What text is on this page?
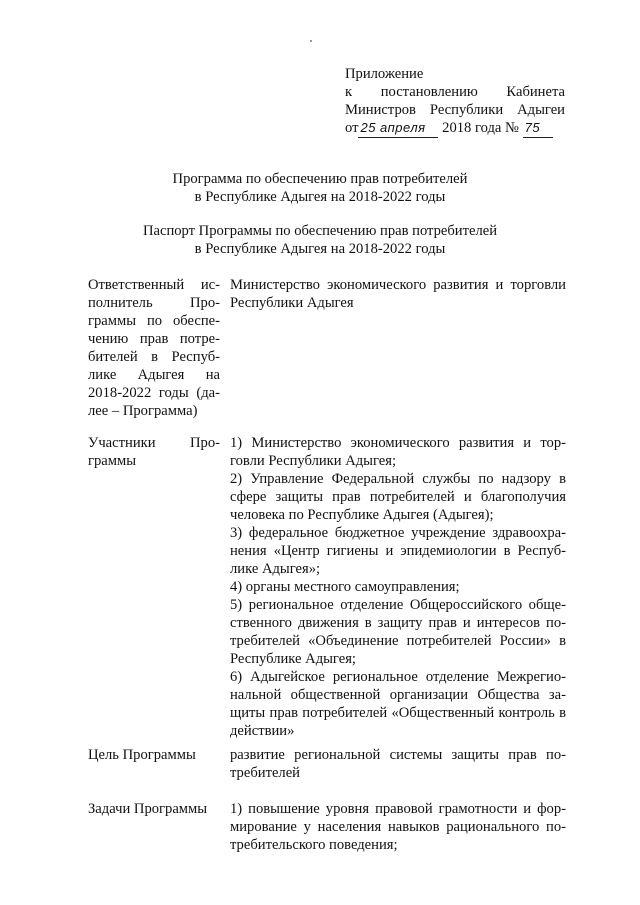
Приложение
к постановлению Кабинета
Министров Республики Адыгеи
от 25 апреля 2018 года № 75
Программа по обеспечению прав потребителей
в Республике Адыгея на 2018-2022 годы
Паспорт Программы по обеспечению прав потребителей
в Республике Адыгея на 2018-2022 годы
Ответственный исполнитель Программы по обеспечению прав потребителей в Республике Адыгея на 2018-2022 годы (далее – Программа)

Министерство экономического развития и торговли Республики Адыгея

Участники Программы

1) Министерство экономического развития и торговли Республики Адыгея;

2) Управление Федеральной службы по надзору в сфере защиты прав потребителей и благополучия человека по Республике Адыгея (Адыгея);

3) федеральное бюджетное учреждение здравоохранения «Центр гигиены и эпидемиологии в Республике Адыгея»;

4) органы местного самоуправления;

5) региональное отделение Общероссийского общественного движения в защиту прав и интересов потребителей «Объединение потребителей России» в Республике Адыгея;

6) Адыгейское региональное отделение Межрегиональной общественной организации Общества защиты прав потребителей «Общественный контроль в действии»

Цель Программы	развитие региональной системы защиты прав потребителей

Задачи Программы	1) повышение уровня правовой грамотности и формирование у населения навыков рационального потребительского поведения;
